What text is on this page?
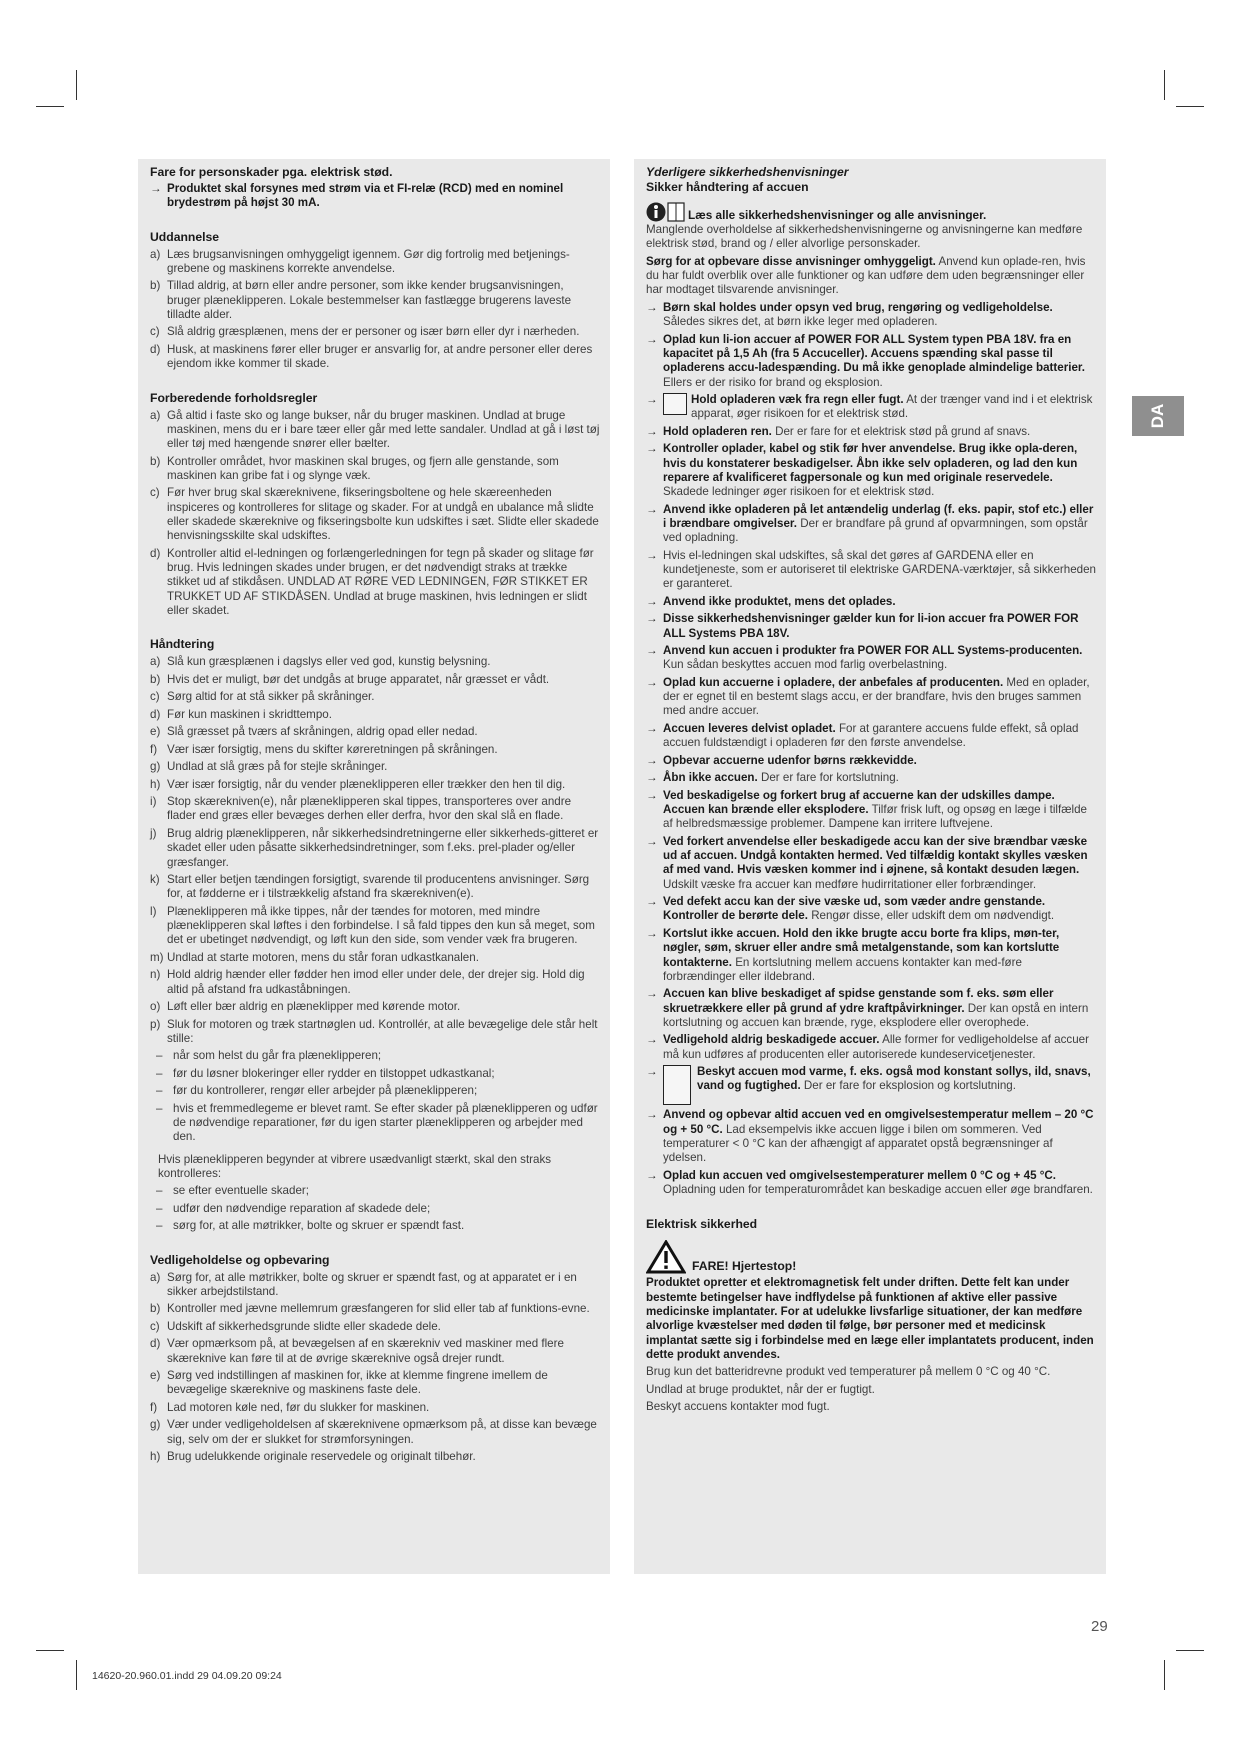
Fare for personskader pga. elektrisk stød.
→ Produktet skal forsynes med strøm via et FI-relæ (RCD) med en nominel brydestrøm på højst 30 mA.
Uddannelse
a) Læs brugsanvisningen omhyggeligt igennem. Gør dig fortrolig med betjenings-grebene og maskinens korrekte anvendelse.
b) Tillad aldrig, at børn eller andre personer, som ikke kender brugsanvisningen, bruger plæneklipperen. Lokale bestemmelser kan fastlægge brugerens laveste tilladte alder.
c) Slå aldrig græsplænen, mens der er personer og især børn eller dyr i nærheden.
d) Husk, at maskinens fører eller bruger er ansvarlig for, at andre personer eller deres ejendom ikke kommer til skade.
Forberedende forholdsregler
a) Gå altid i faste sko og lange bukser, når du bruger maskinen. Undlad at bruge maskinen, mens du er i bare tæer eller går med lette sandaler. Undlad at gå i løst tøj eller tøj med hængende snører eller bælter.
b) Kontroller området, hvor maskinen skal bruges, og fjern alle genstande, som maskinen kan gribe fat i og slynge væk.
c) Før hver brug skal skæreknivene, fikseringsboltene og hele skæreenheden inspiceres og kontrolleres for slitage og skader. For at undgå en ubalance må slidte eller skadede skæreknive og fikseringsbolte kun udskiftes i sæt. Slidte eller skadede henvisningsskilte skal udskiftes.
d) Kontroller altid el-ledningen og forlængerledningen for tegn på skader og slitage før brug. Hvis ledningen skades under brugen, er det nødvendigt straks at trække stikket ud af stikdåsen. UNDLAD AT RØRE VED LEDNINGEN, FØR STIKKET ER TRUKKET UD AF STIKDÅSEN. Undlad at bruge maskinen, hvis ledningen er slidt eller skadet.
Håndtering
a) Slå kun græsplænen i dagslys eller ved god, kunstig belysning.
b) Hvis det er muligt, bør det undgås at bruge apparatet, når græsset er vådt.
c) Sørg altid for at stå sikker på skråninger.
d) Før kun maskinen i skridttempo.
e) Slå græsset på tværs af skråningen, aldrig opad eller nedad.
f) Vær især forsigtig, mens du skifter køreretningen på skråningen.
g) Undlad at slå græs på for stejle skråninger.
h) Vær især forsigtig, når du vender plæneklipperen eller trækker den hen til dig.
i) Stop skærekniven(e), når plæneklipperen skal tippes, transporteres over andre flader end græs eller bevæges derhen eller derfra, hvor den skal slå en flade.
j) Brug aldrig plæneklipperen, når sikkerhedsindretningerne eller sikkerheds-gitteret er skadet eller uden påsatte sikkerhedsindretninger, som f.eks. prel-plader og/eller græsfanger.
k) Start eller betjen tændingen forsigtigt, svarende til producentens anvisninger. Sørg for, at fødderne er i tilstrækkelig afstand fra skærekniven(e).
l) Plæneklipperen må ikke tippes, når der tændes for motoren, med mindre plæneklipperen skal løftes i den forbindelse. I så fald tippes den kun så meget, som det er ubetinget nødvendigt, og løft kun den side, som vender væk fra brugeren.
m) Undlad at starte motoren, mens du står foran udkastkanalen.
n) Hold aldrig hænder eller fødder hen imod eller under dele, der drejer sig. Hold dig altid på afstand fra udkaståbningen.
o) Løft eller bær aldrig en plæneklipper med kørende motor.
p) Sluk for motoren og træk startnøglen ud. Kontrollér, at alle bevægelige dele står helt stille:
– når som helst du går fra plæneklipperen;
– før du løsner blokeringer eller rydder en tilstoppet udkastkanal;
– før du kontrollerer, rengør eller arbejder på plæneklipperen;
– hvis et fremmedlegeme er blevet ramt. Se efter skader på plæneklipperen og udfør de nødvendige reparationer, før du igen starter plæneklipperen og arbejder med den.
Hvis plæneklipperen begynder at vibrere usædvanligt stærkt, skal den straks kontrolleres:
– se efter eventuelle skader;
– udfør den nødvendige reparation af skadede dele;
– sørg for, at alle møtrikker, bolte og skruer er spændt fast.
Vedligeholdelse og opbevaring
a) Sørg for, at alle møtrikker, bolte og skruer er spændt fast, og at apparatet er i en sikker arbejdstilstand.
b) Kontroller med jævne mellemrum græsfangeren for slid eller tab af funktions-evne.
c) Udskift af sikkerhedsgrunde slidte eller skadede dele.
d) Vær opmærksom på, at bevægelsen af en skærekniv ved maskiner med flere skæreknive kan føre til at de øvrige skæreknive også drejer rundt.
e) Sørg ved indstillingen af maskinen for, ikke at klemme fingrene imellem de bevægelige skæreknive og maskinens faste dele.
f) Lad motoren køle ned, før du slukker for maskinen.
g) Vær under vedligeholdelsen af skæreknivene opmærksom på, at disse kan bevæge sig, selv om der er slukket for strømforsyningen.
h) Brug udelukkende originale reservedele og originalt tilbehør.
Yderligere sikkerhedshenvisninger
Sikker håndtering af accuen
Læs alle sikkerhedshenvisninger og alle anvisninger.
Manglende overholdelse af sikkerhedshenvisningerne og anvisningerne kan medføre elektrisk stød, brand og / eller alvorlige personskader.
Sørg for at opbevare disse anvisninger omhyggeligt. Anvend kun oplade-ren, hvis du har fuldt overblik over alle funktioner og kan udføre dem uden begrænsninger eller har modtaget tilsvarende anvisninger.
→ Børn skal holdes under opsyn ved brug, rengøring og vedligeholdelse. Således sikres det, at børn ikke leger med opladeren.
→ Oplad kun li-ion accuer af POWER FOR ALL System typen PBA 18V. fra en kapacitet på 1,5 Ah (fra 5 Accuceller). Accuens spænding skal passe til opladerens accu-ladespænding. Du må ikke genoplade almindelige batterier. Ellers er der risiko for brand og eksplosion.
→	Hold opladeren væk fra regn eller fugt. At der trænger vand ind i et elektrisk apparat, øger risikoen for et elektrisk stød.
→ Hold opladeren ren. Der er fare for et elektrisk stød på grund af snavs.
→ Kontroller oplader, kabel og stik før hver anvendelse. Brug ikke opla-deren, hvis du konstaterer beskadigelser. Åbn ikke selv opladeren, og lad den kun reparere af kvalificeret fagpersonale og kun med originale reservedele. Skadede ledninger øger risikoen for et elektrisk stød.
→ Anvend ikke opladeren på let antændelig underlag (f. eks. papir, stof etc.) eller i brændbare omgivelser. Der er brandfare på grund af opvarmningen, som opstår ved opladning.
→ Hvis el-ledningen skal udskiftes, så skal det gøres af GARDENA eller en kundetjeneste, som er autoriseret til elektriske GARDENA-værktøjer, så sikkerheden er garanteret.
→ Anvend ikke produktet, mens det oplades.
→ Disse sikkerhedshenvisninger gælder kun for li-ion accuer fra POWER FOR ALL Systems PBA 18V.
→ Anvend kun accuen i produkter fra POWER FOR ALL Systems-producenten. Kun sådan beskyttes accuen mod farlig overbelastning.
→ Oplad kun accuerne i opladere, der anbefales af producenten. Med en oplader, der er egnet til en bestemt slags accu, er der brandfare, hvis den bruges sammen med andre accuer.
→ Accuen leveres delvist opladet. For at garantere accuens fulde effekt, så oplad accuen fuldstændigt i opladeren før den første anvendelse.
→ Opbevar accuerne udenfor børns rækkevidde.
→ Åbn ikke accuen. Der er fare for kortslutning.
→ Ved beskadigelse og forkert brug af accuerne kan der udskilles dampe. Accuen kan brænde eller eksplodere. Tilfør frisk luft, og opsøg en læge i tilfælde af helbredsmæssige problemer. Dampene kan irritere luftvejene.
→ Ved forkert anvendelse eller beskadigede accu kan der sive brændbar væske ud af accuen. Undgå kontakten hermed. Ved tilfældig kontakt skylles væsken af med vand. Hvis væsken kommer ind i øjnene, så kontakt desuden lægen. Udskilt væske fra accuer kan medføre hudirritationer eller forbrændinger.
→ Ved defekt accu kan der sive væske ud, som væder andre genstande. Kontroller de berørte dele. Rengør disse, eller udskift dem om nødvendigt.
→ Kortslut ikke accuen. Hold den ikke brugte accu borte fra klips, møn-ter, nøgler, søm, skruer eller andre små metalgenstande, som kan kortslutte kontakterne. En kortslutning mellem accuens kontakter kan med-føre forbrændinger eller ildebrand.
→ Accuen kan blive beskadiget af spidse genstande som f. eks. søm eller skruetrækkere eller på grund af ydre kraftpåvirkninger. Der kan opstå en intern kortslutning og accuen kan brænde, ryge, eksplodere eller overophede.
→ Vedligehold aldrig beskadigede accuer. Alle former for vedligeholdelse af accuer må kun udføres af producenten eller autoriserede kundeservicetjenester.
→	Beskyt accuen mod varme, f. eks. også mod konstant sollys, ild, snavs, vand og fugtighed. Der er fare for eksplosion og kortslutning.
→ Anvend og opbevar altid accuen ved en omgivelsestemperatur mellem – 20 °C og + 50 °C. Lad eksempelvis ikke accuen ligge i bilen om sommeren. Ved temperaturer < 0 °C kan der afhængigt af apparatet opstå begrænsninger af ydelsen.
→ Oplad kun accuen ved omgivelsestemperaturer mellem 0 °C og + 45 °C. Opladning uden for temperaturområdet kan beskadige accuen eller øge brandfaren.
Elektrisk sikkerhed
FARE! Hjertestop!
Produktet opretter et elektromagnetisk felt under driften. Dette felt kan under bestemte betingelser have indflydelse på funktionen af aktive eller passive medicinske implantater. For at udelukke livsfarlige situationer, der kan medføre alvorlige kvæstelser med døden til følge, bør personer med et medicinsk implantat sætte sig i forbindelse med en læge eller implantatets producent, inden dette produkt anvendes.
Brug kun det batteridrevne produkt ved temperaturer på mellem 0 °C og 40 °C.
Undlad at bruge produktet, når der er fugtigt.
Beskyt accuens kontakter mod fugt.
DA
29
14620-20.960.01.indd 29 04.09.20 09:24
